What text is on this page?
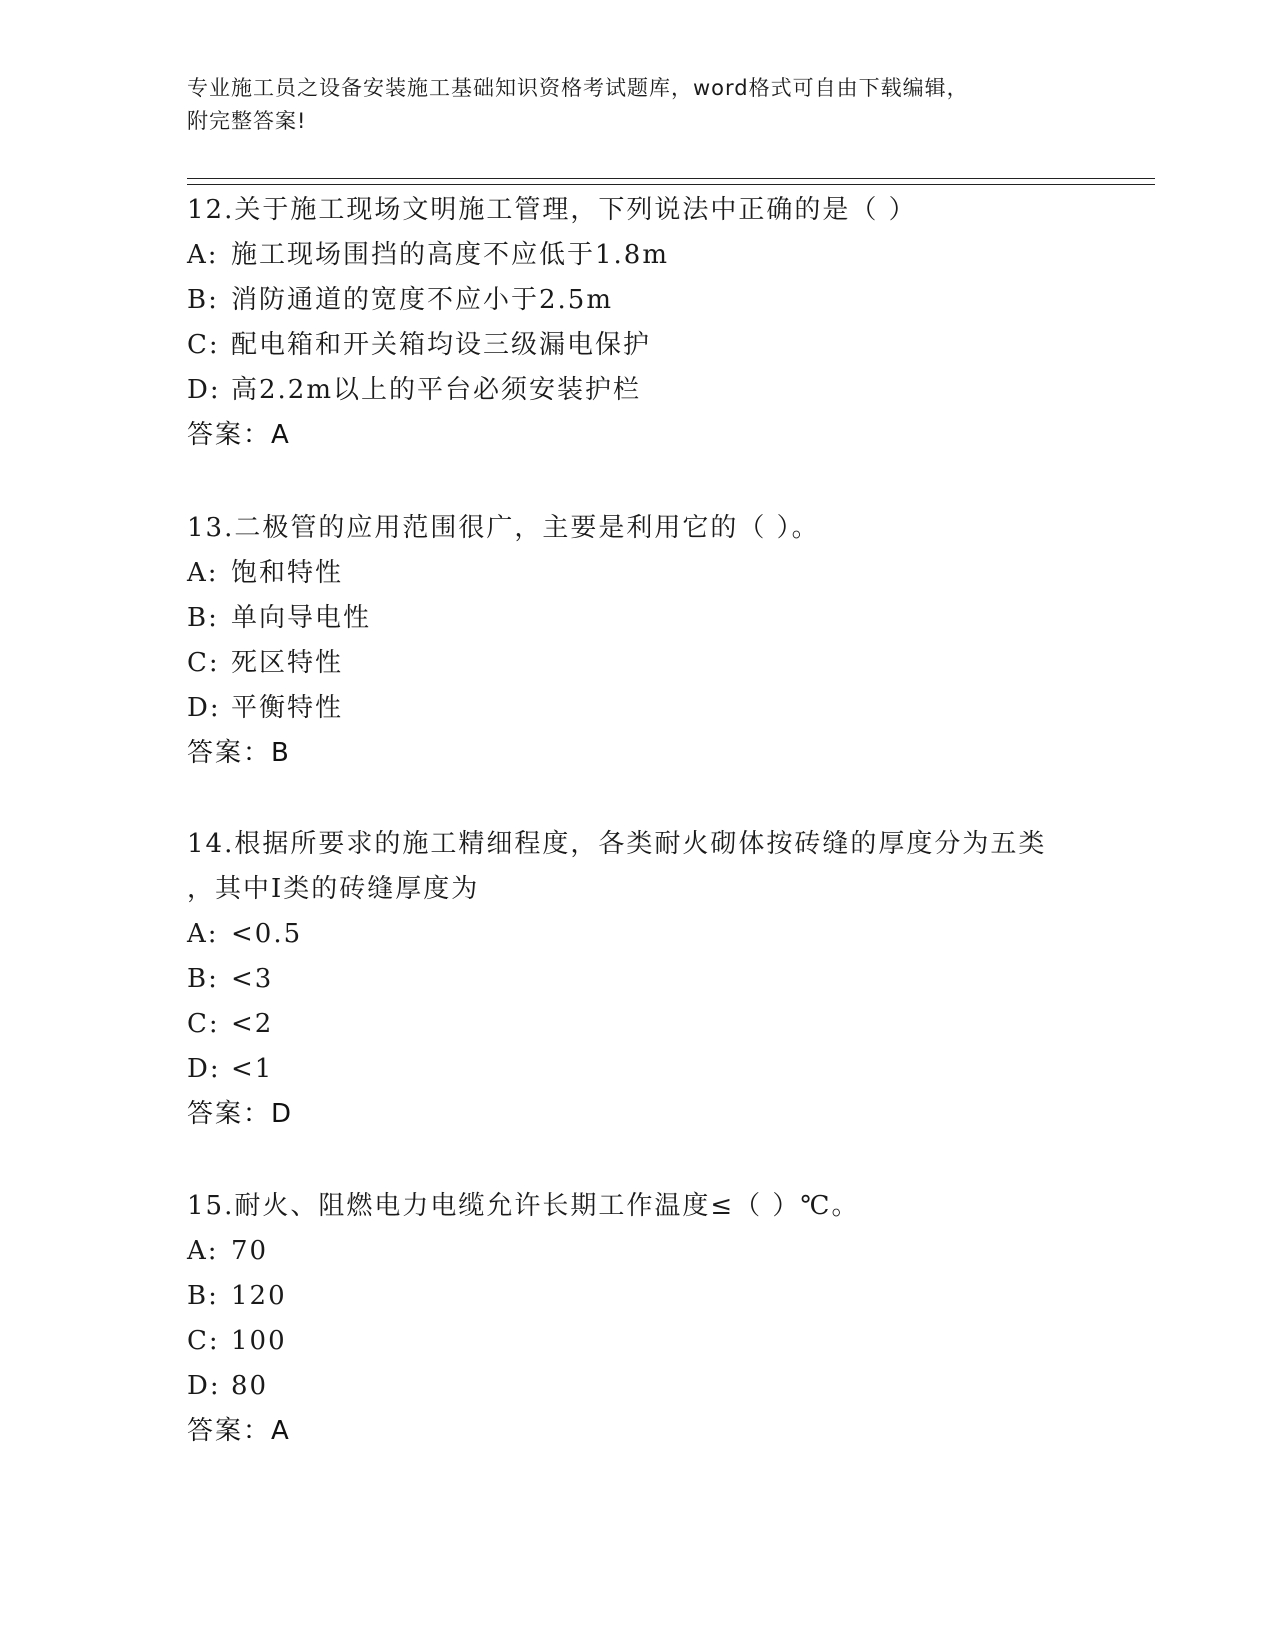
专业施工员之设备安装施工基础知识资格考试题库，word格式可自由下载编辑，
附完整答案!
12.关于施工现场文明施工管理，下列说法中正确的是（ ）
A: 施工现场围挡的高度不应低于1.8m
B: 消防通道的宽度不应小于2.5m
C: 配电箱和开关箱均设三级漏电保护
D: 高2.2m以上的平台必须安装护栏
答案：A
13.二极管的应用范围很广，主要是利用它的（ ）。
A: 饱和特性
B: 单向导电性
C: 死区特性
D: 平衡特性
答案：B
14.根据所要求的施工精细程度，各类耐火砌体按砖缝的厚度分为五类
，其中Ⅰ类的砖缝厚度为
A: <0.5
B: <3
C: <2
D: <1
答案：D
15.耐火、阻燃电力电缆允许长期工作温度≤（ ）℃。
A: 70
B: 120
C: 100
D: 80
答案：A
